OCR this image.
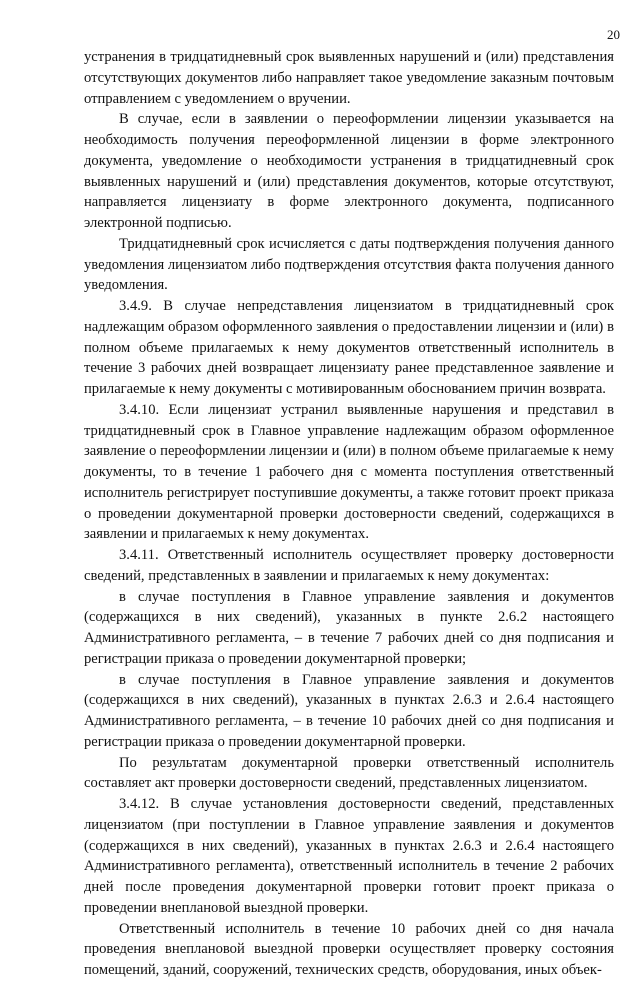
20

устранения в тридцатидневный срок выявленных нарушений и (или) представления отсутствующих документов либо направляет такое уведомление заказным почтовым отправлением с уведомлением о вручении.

В случае, если в заявлении о переоформлении лицензии указывается на необходимость получения переоформленной лицензии в форме электронного документа, уведомление о необходимости устранения в тридцатидневный срок выявленных нарушений и (или) представления документов, которые отсутствуют, направляется лицензиату в форме электронного документа, подписанного электронной подписью.

Тридцатидневный срок исчисляется с даты подтверждения получения данного уведомления лицензиатом либо подтверждения отсутствия факта получения данного уведомления.

3.4.9. В случае непредставления лицензиатом в тридцатидневный срок надлежащим образом оформленного заявления о предоставлении лицензии и (или) в полном объеме прилагаемых к нему документов ответственный исполнитель в течение 3 рабочих дней возвращает лицензиату ранее представленное заявление и прилагаемые к нему документы с мотивированным обоснованием причин возврата.

3.4.10. Если лицензиат устранил выявленные нарушения и представил в тридцатидневный срок в Главное управление надлежащим образом оформленное заявление о переоформлении лицензии и (или) в полном объеме прилагаемые к нему документы, то в течение 1 рабочего дня с момента поступления ответственный исполнитель регистрирует поступившие документы, а также готовит проект приказа о проведении документарной проверки достоверности сведений, содержащихся в заявлении и прилагаемых к нему документах.

3.4.11. Ответственный исполнитель осуществляет проверку достоверности сведений, представленных в заявлении и прилагаемых к нему документах:

в случае поступления в Главное управление заявления и документов (содержащихся в них сведений), указанных в пункте 2.6.2 настоящего Административного регламента, – в течение 7 рабочих дней со дня подписания и регистрации приказа о проведении документарной проверки;

в случае поступления в Главное управление заявления и документов (содержащихся в них сведений), указанных в пунктах 2.6.3 и 2.6.4 настоящего Административного регламента, – в течение 10 рабочих дней со дня подписания и регистрации приказа о проведении документарной проверки.

По результатам документарной проверки ответственный исполнитель составляет акт проверки достоверности сведений, представленных лицензиатом.

3.4.12. В случае установления достоверности сведений, представленных лицензиатом (при поступлении в Главное управление заявления и документов (содержащихся в них сведений), указанных в пунктах 2.6.3 и 2.6.4 настоящего Административного регламента), ответственный исполнитель в течение 2 рабочих дней после проведения документарной проверки готовит проект приказа о проведении внеплановой выездной проверки.

Ответственный исполнитель в течение 10 рабочих дней со дня начала проведения внеплановой выездной проверки осуществляет проверку состояния помещений, зданий, сооружений, технических средств, оборудования, иных объек-
